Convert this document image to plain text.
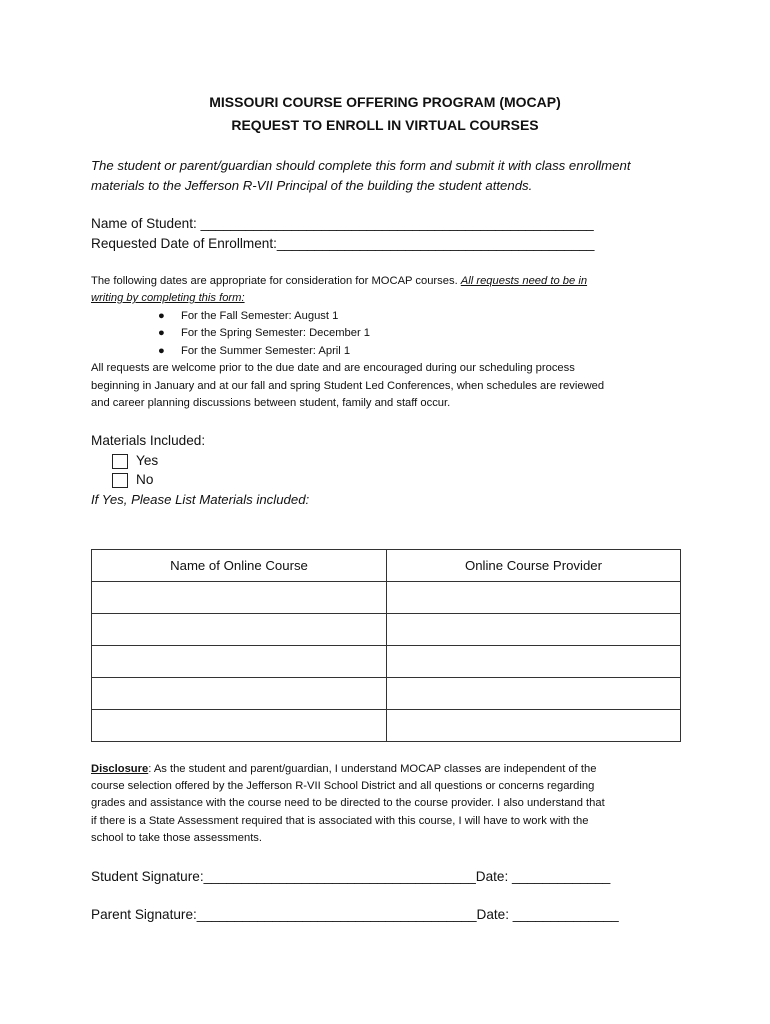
MISSOURI COURSE OFFERING PROGRAM (MOCAP)
REQUEST TO ENROLL IN VIRTUAL COURSES
The student or parent/guardian should complete this form and submit it with class enrollment
materials to the Jefferson R-VII Principal of the building the student attends.
Name of Student: ____________________________________________________
Requested Date of Enrollment:__________________________________________
The following dates are appropriate for consideration for MOCAP courses. All requests need to be in
writing by completing this form:
● For the Fall Semester: August 1
● For the Spring Semester: December 1
● For the Summer Semester: April 1
All requests are welcome prior to the due date and are encouraged during our scheduling process
beginning in January and at our fall and spring Student Led Conferences, when schedules are reviewed
and career planning discussions between student, family and staff occur.
Materials Included:
Yes
No
If Yes, Please List Materials included:
Name of Online Course	Online Course Provider

Disclosure: As the student and parent/guardian, I understand MOCAP classes are independent of the
course selection offered by the Jefferson R-VII School District and all questions or concerns regarding
grades and assistance with the course need to be directed to the course provider. I also understand that
if there is a State Assessment required that is associated with this course, I will have to work with the
school to take those assessments.
Student Signature:____________________________________Date: _____________
Parent Signature:_____________________________________Date: ______________
